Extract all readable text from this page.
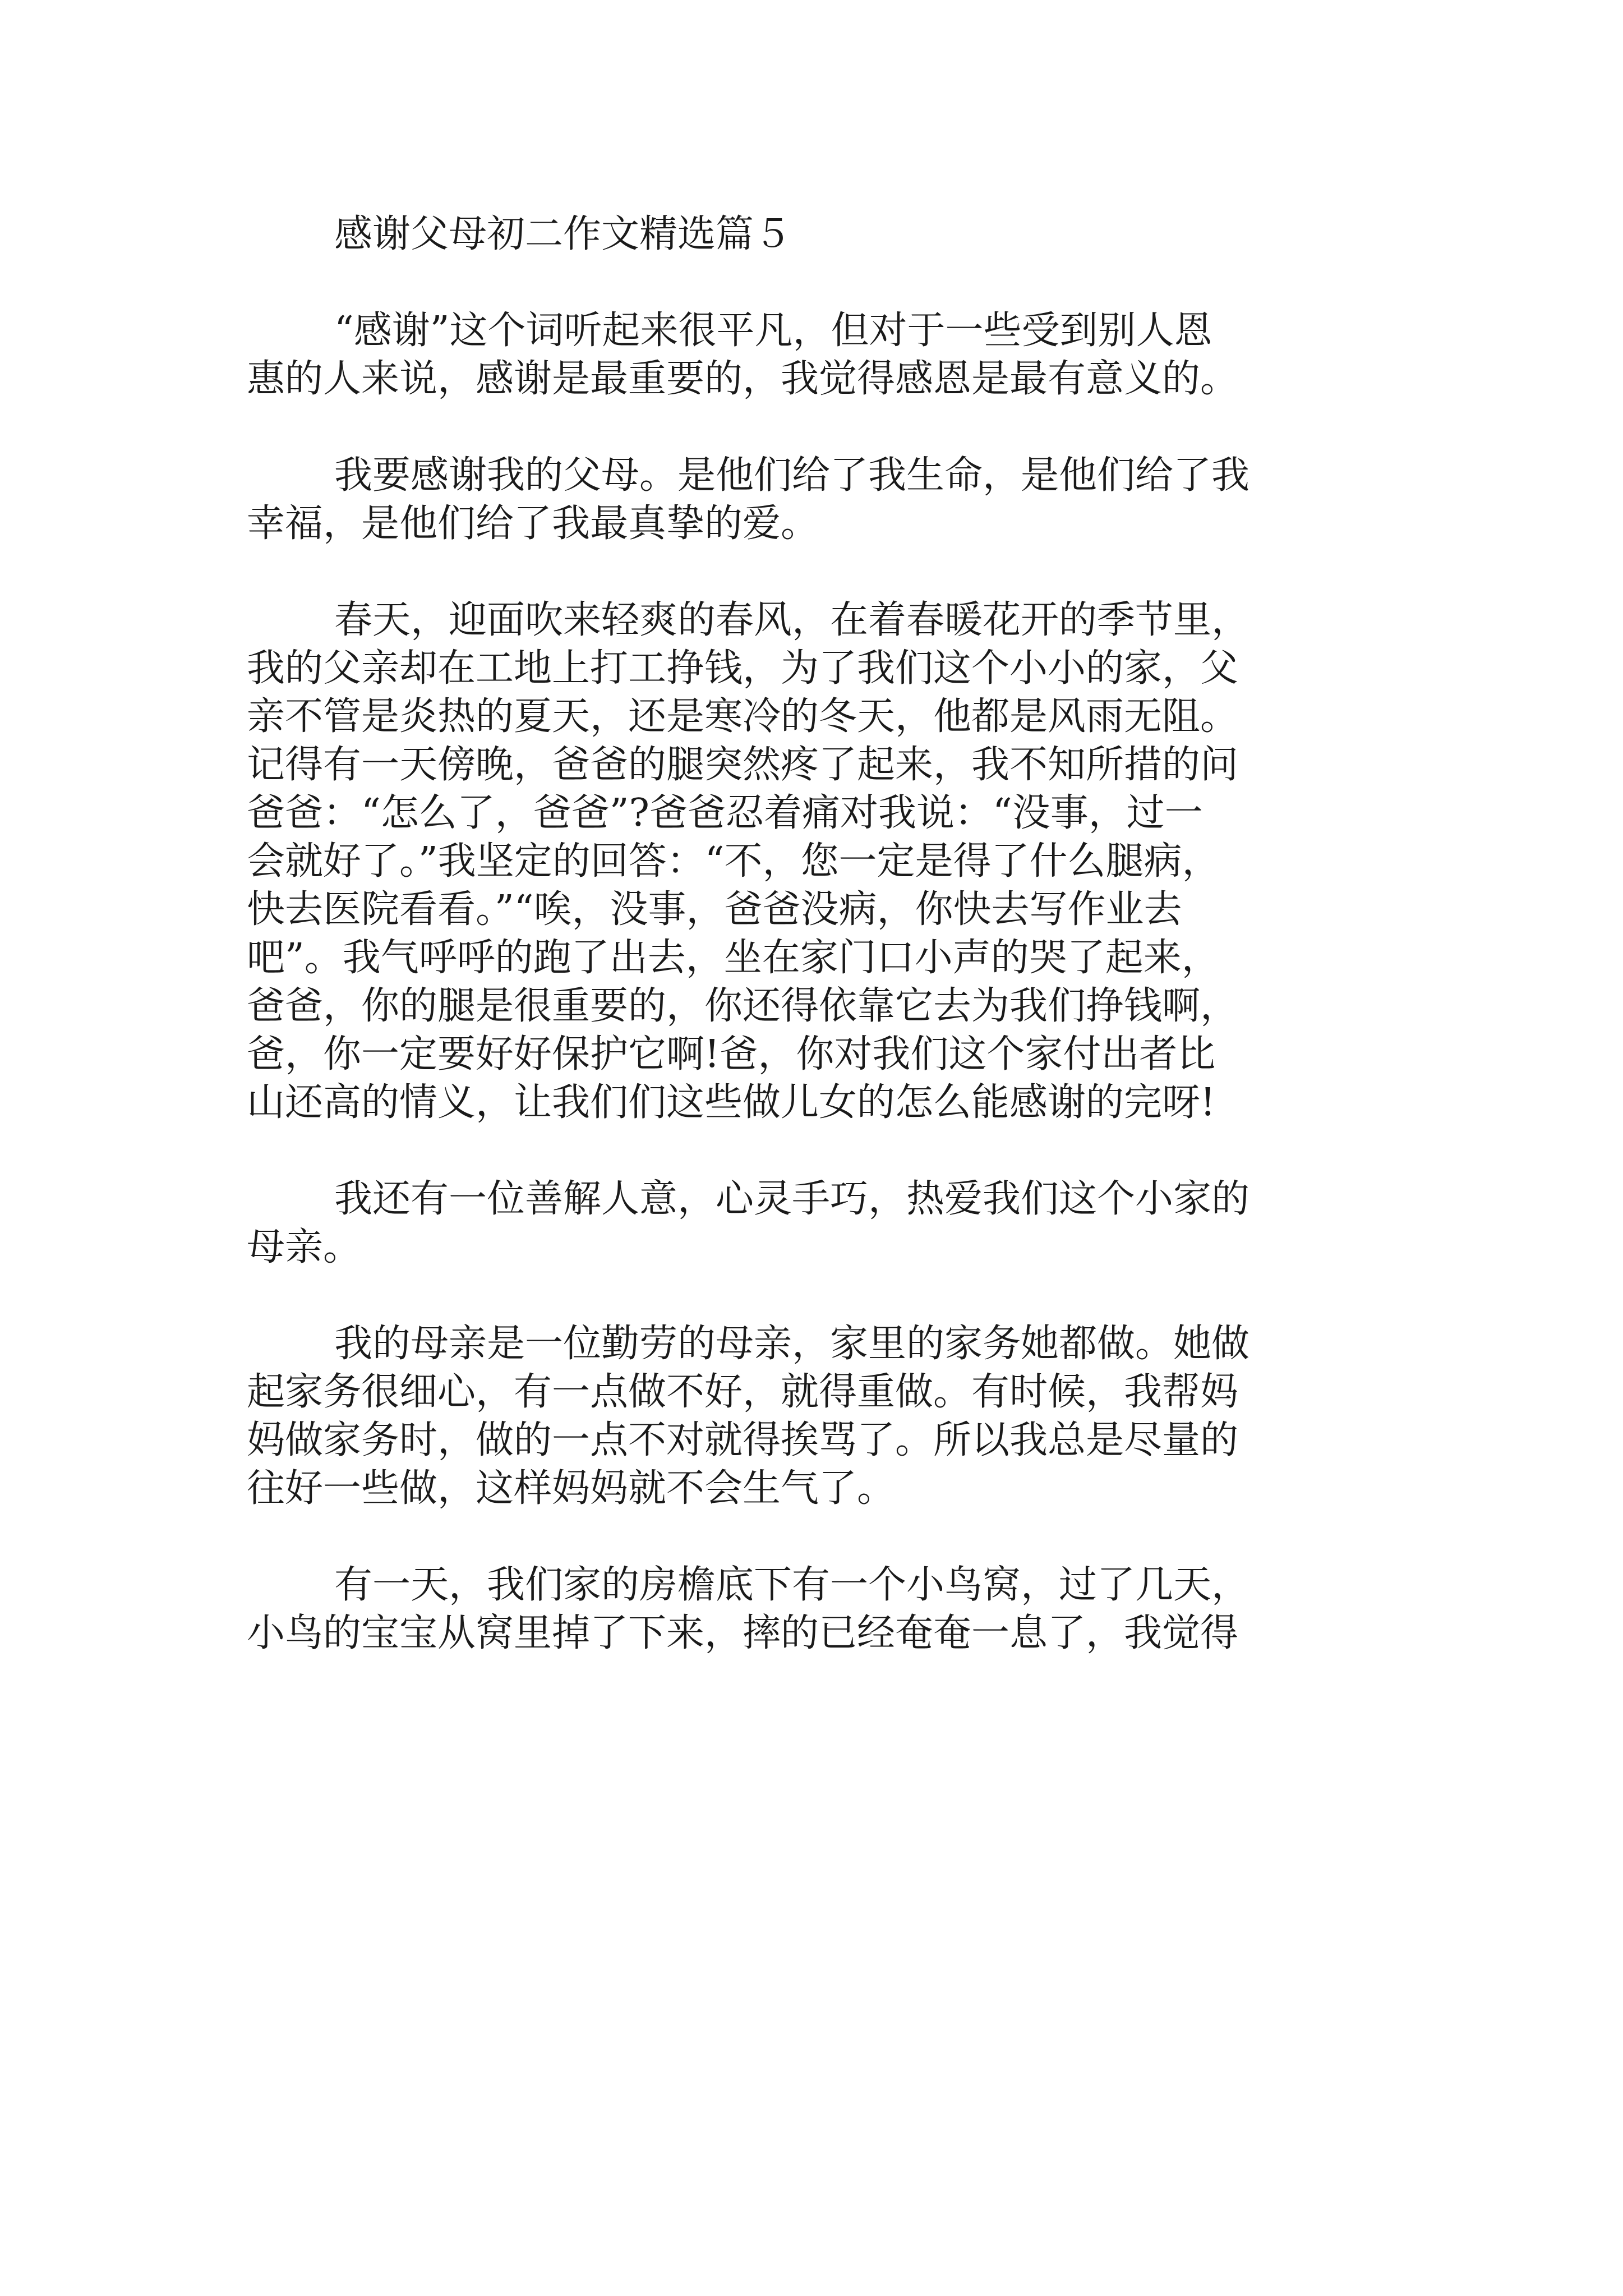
感谢父母初二作文精选篇５

“感谢”这个词听起来很平凡，但对于一些受到别人恩

惠的人来说，感谢是最重要的，我觉得感恩是最有意义的。

我要感谢我的父母。是他们给了我生命，是他们给了我

幸福，是他们给了我最真挚的爱。

春天，迎面吹来轻爽的春风，在着春暖花开的季节里，

我的父亲却在工地上打工挣钱，为了我们这个小小的家，父

亲不管是炎热的夏天，还是寒冷的冬天，他都是风雨无阻。

记得有一天傍晚，爸爸的腿突然疼了起来，我不知所措的问

爸爸：“怎么了，爸爸”?爸爸忍着痛对我说：“没事，过一

会就好了。”我坚定的回答：“不，您一定是得了什么腿病，

快去医院看看。”“唉，没事，爸爸没病，你快去写作业去

吧”。我气呼呼的跑了出去，坐在家门口小声的哭了起来，

爸爸，你的腿是很重要的，你还得依靠它去为我们挣钱啊，

爸，你一定要好好保护它啊!爸，你对我们这个家付出者比

山还高的情义，让我们们这些做儿女的怎么能感谢的完呀!

我还有一位善解人意，心灵手巧，热爱我们这个小家的

母亲。

我的母亲是一位勤劳的母亲，家里的家务她都做。她做

起家务很细心，有一点做不好，就得重做。有时候，我帮妈

妈做家务时，做的一点不对就得挨骂了。所以我总是尽量的

往好一些做，这样妈妈就不会生气了。

有一天，我们家的房檐底下有一个小鸟窝，过了几天，

小鸟的宝宝从窝里掉了下来，摔的已经奄奄一息了，我觉得
